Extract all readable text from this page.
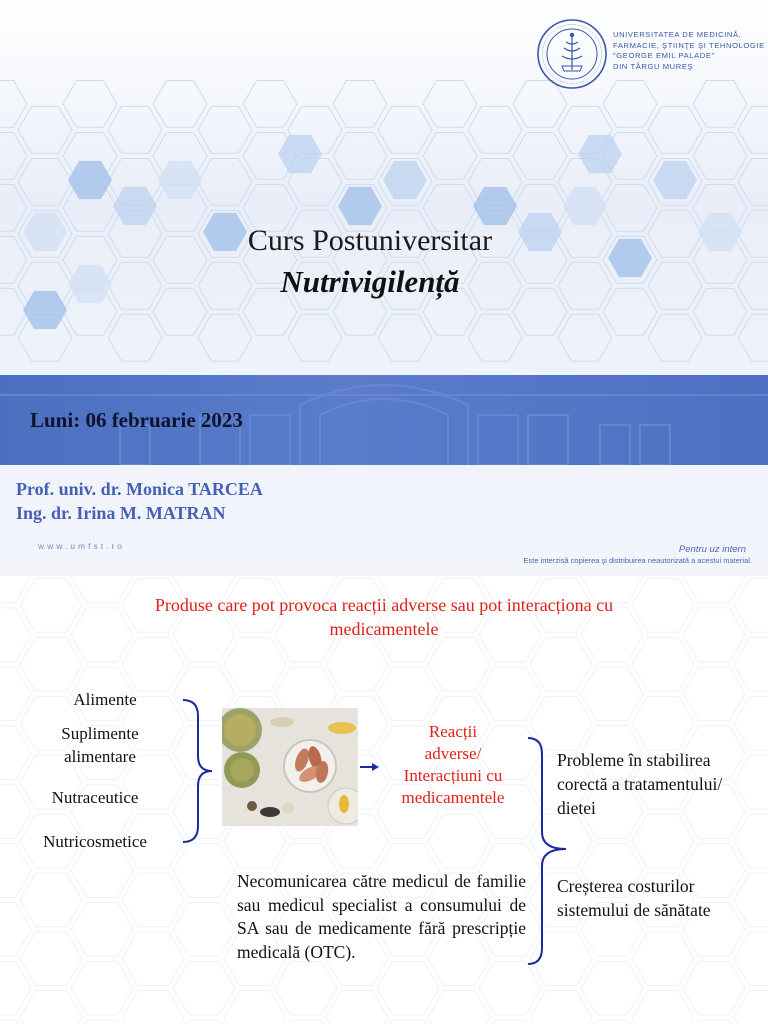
UNIVERSITATEA DE MEDICINĂ,
FARMACIE, ŞTIINŢE ŞI TEHNOLOGIE
"GEORGE EMIL PALADE"
DIN TÂRGU MUREŞ
Curs Postuniversitar
Nutrivigilență
Luni: 06 februarie 2023
Prof. univ. dr. Monica TARCEA
Ing. dr. Irina M. MATRAN
www.umfst.ro	Pentru uz intern
Este interzisă copierea şi distribuirea neautorizată a acestui material.
Produse care pot provoca reacții adverse sau pot interacționa cu
medicamentele
Alimente
Suplimente
alimentare
Nutraceutice
Nutricosmetice
Reacții
adverse/
Interacțiuni cu
medicamentele
Probleme în stabilirea
corectă a tratamentului/
dietei
Creșterea costurilor
sistemului de sănătate
Necomunicarea către medicul de familie sau medicul specialist a consumului de SA sau de medicamente fără prescripție medicală (OTC).
